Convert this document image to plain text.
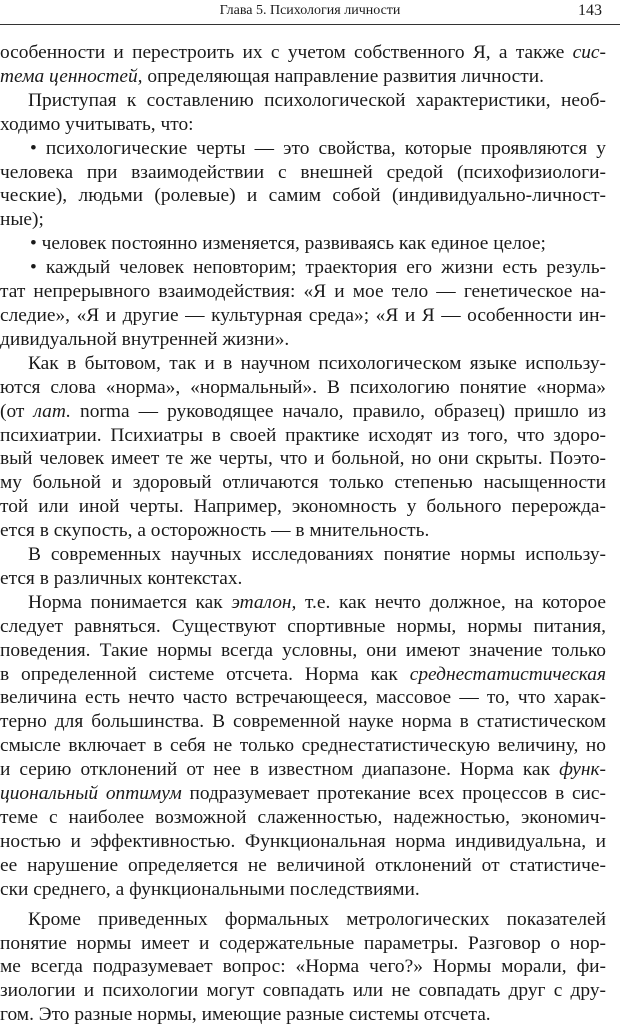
Глава 5. Психология личности	143
особенности и перестроить их с учетом собственного Я, а также сис-
тема ценностей, определяющая направление развития личности.
Приступая к составлению психологической характеристики, необ-
ходимо учитывать, что:
• психологические черты — это свойства, которые проявляются у
человека при взаимодействии с внешней средой (психофизиологи-
ческие), людьми (ролевые) и самим собой (индивидуально-личност-
ные);
• человек постоянно изменяется, развиваясь как единое целое;
• каждый человек неповторим; траектория его жизни есть резуль-
тат непрерывного взаимодействия: «Я и мое тело — генетическое на-
следие», «Я и другие — культурная среда»; «Я и Я — особенности ин-
дивидуальной внутренней жизни».
Как в бытовом, так и в научном психологическом языке использу-
ются слова «норма», «нормальный». В психологию понятие «норма»
(от лат. norma — руководящее начало, правило, образец) пришло из
психиатрии. Психиатры в своей практике исходят из того, что здоро-
вый человек имеет те же черты, что и больной, но они скрыты. Поэто-
му больной и здоровый отличаются только степенью насыщенности
той или иной черты. Например, экономность у больного перерожда-
ется в скупость, а осторожность — в мнительность.
В современных научных исследованиях понятие нормы использу-
ется в различных контекстах.
Норма понимается как эталон, т.е. как нечто должное, на которое
следует равняться. Существуют спортивные нормы, нормы питания,
поведения. Такие нормы всегда условны, они имеют значение только
в определенной системе отсчета. Норма как среднестатистическая
величина есть нечто часто встречающееся, массовое — то, что харак-
терно для большинства. В современной науке норма в статистическом
смысле включает в себя не только среднестатистическую величину, но
и серию отклонений от нее в известном диапазоне. Норма как функ-
циональный оптимум подразумевает протекание всех процессов в сис-
теме с наиболее возможной слаженностью, надежностью, экономич-
ностью и эффективностью. Функциональная норма индивидуальна, и
ее нарушение определяется не величиной отклонений от статистиче-
ски среднего, а функциональными последствиями.
Кроме приведенных формальных метрологических показателей
понятие нормы имеет и содержательные параметры. Разговор о нор-
ме всегда подразумевает вопрос: «Норма чего?» Нормы морали, фи-
зиологии и психологии могут совпадать или не совпадать друг с дру-
гом. Это разные нормы, имеющие разные системы отсчета.
